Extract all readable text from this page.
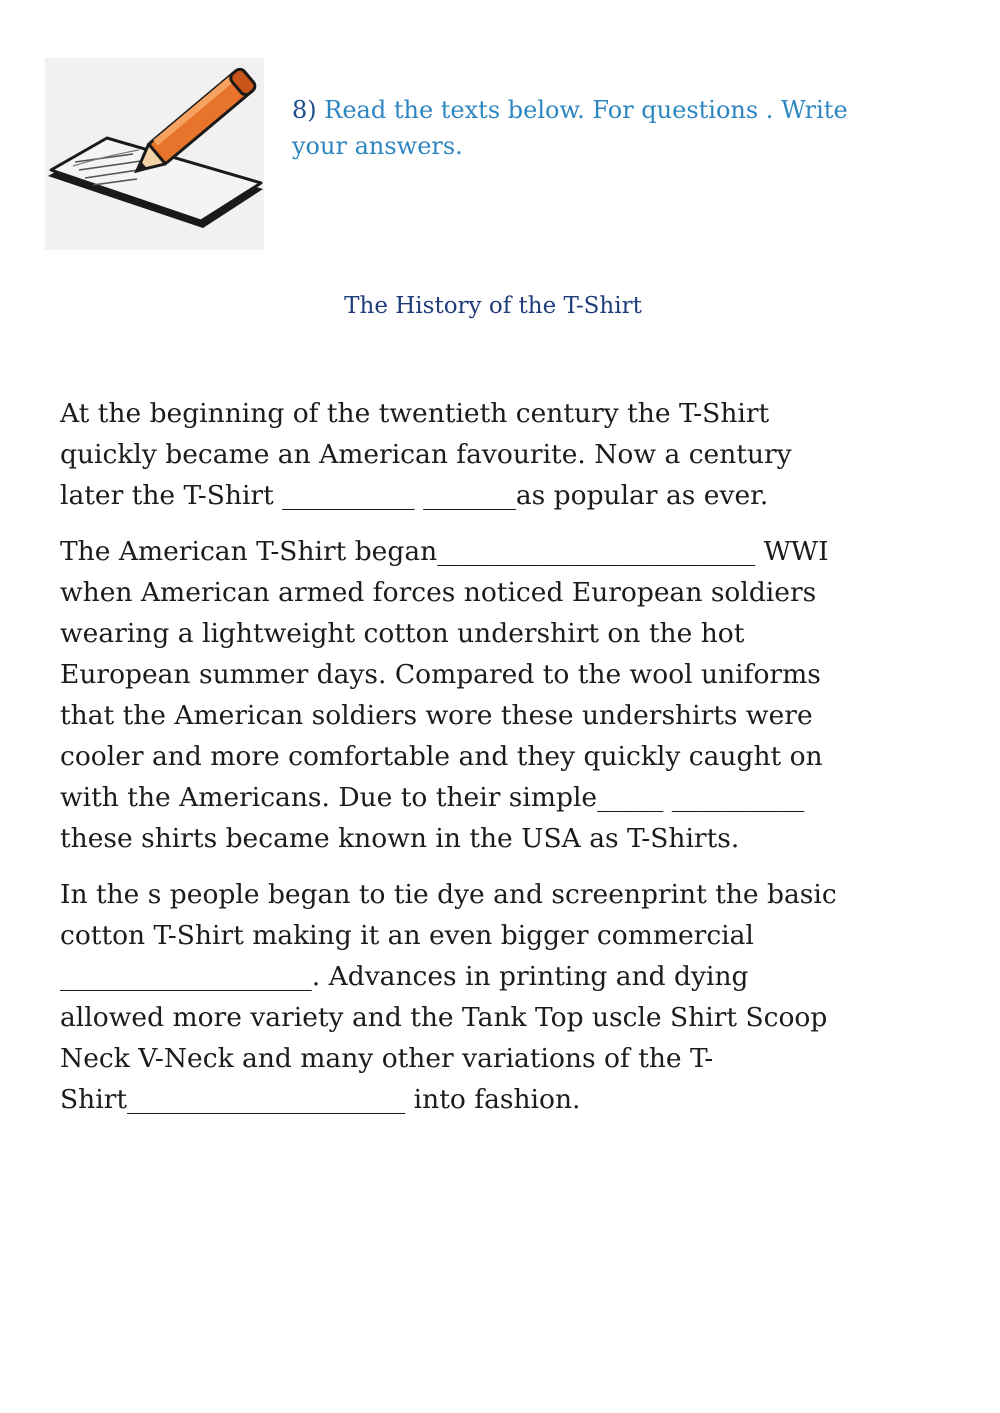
8) Read the texts below. For questions . Write
your answers.

The History of the T-Shirt

At the beginning of the twentieth century the T-Shirt
quickly became an American favourite. Now a century
later the T-Shirt __________ _______as popular as ever.

The American T-Shirt began________________________ WWI
when American armed forces noticed European soldiers
wearing a lightweight cotton undershirt on the hot
European summer days. Compared to the wool uniforms
that the American soldiers wore these undershirts were
cooler and more comfortable and they quickly caught on
with the Americans. Due to their simple_____ __________
these shirts became known in the USA as T-Shirts.

In the s people began to tie dye and screenprint the basic
cotton T-Shirt making it an even bigger commercial
___________________. Advances in printing and dying
allowed more variety and the Tank Top uscle Shirt Scoop
Neck V-Neck and many other variations of the T-
Shirt_____________________ into fashion.
